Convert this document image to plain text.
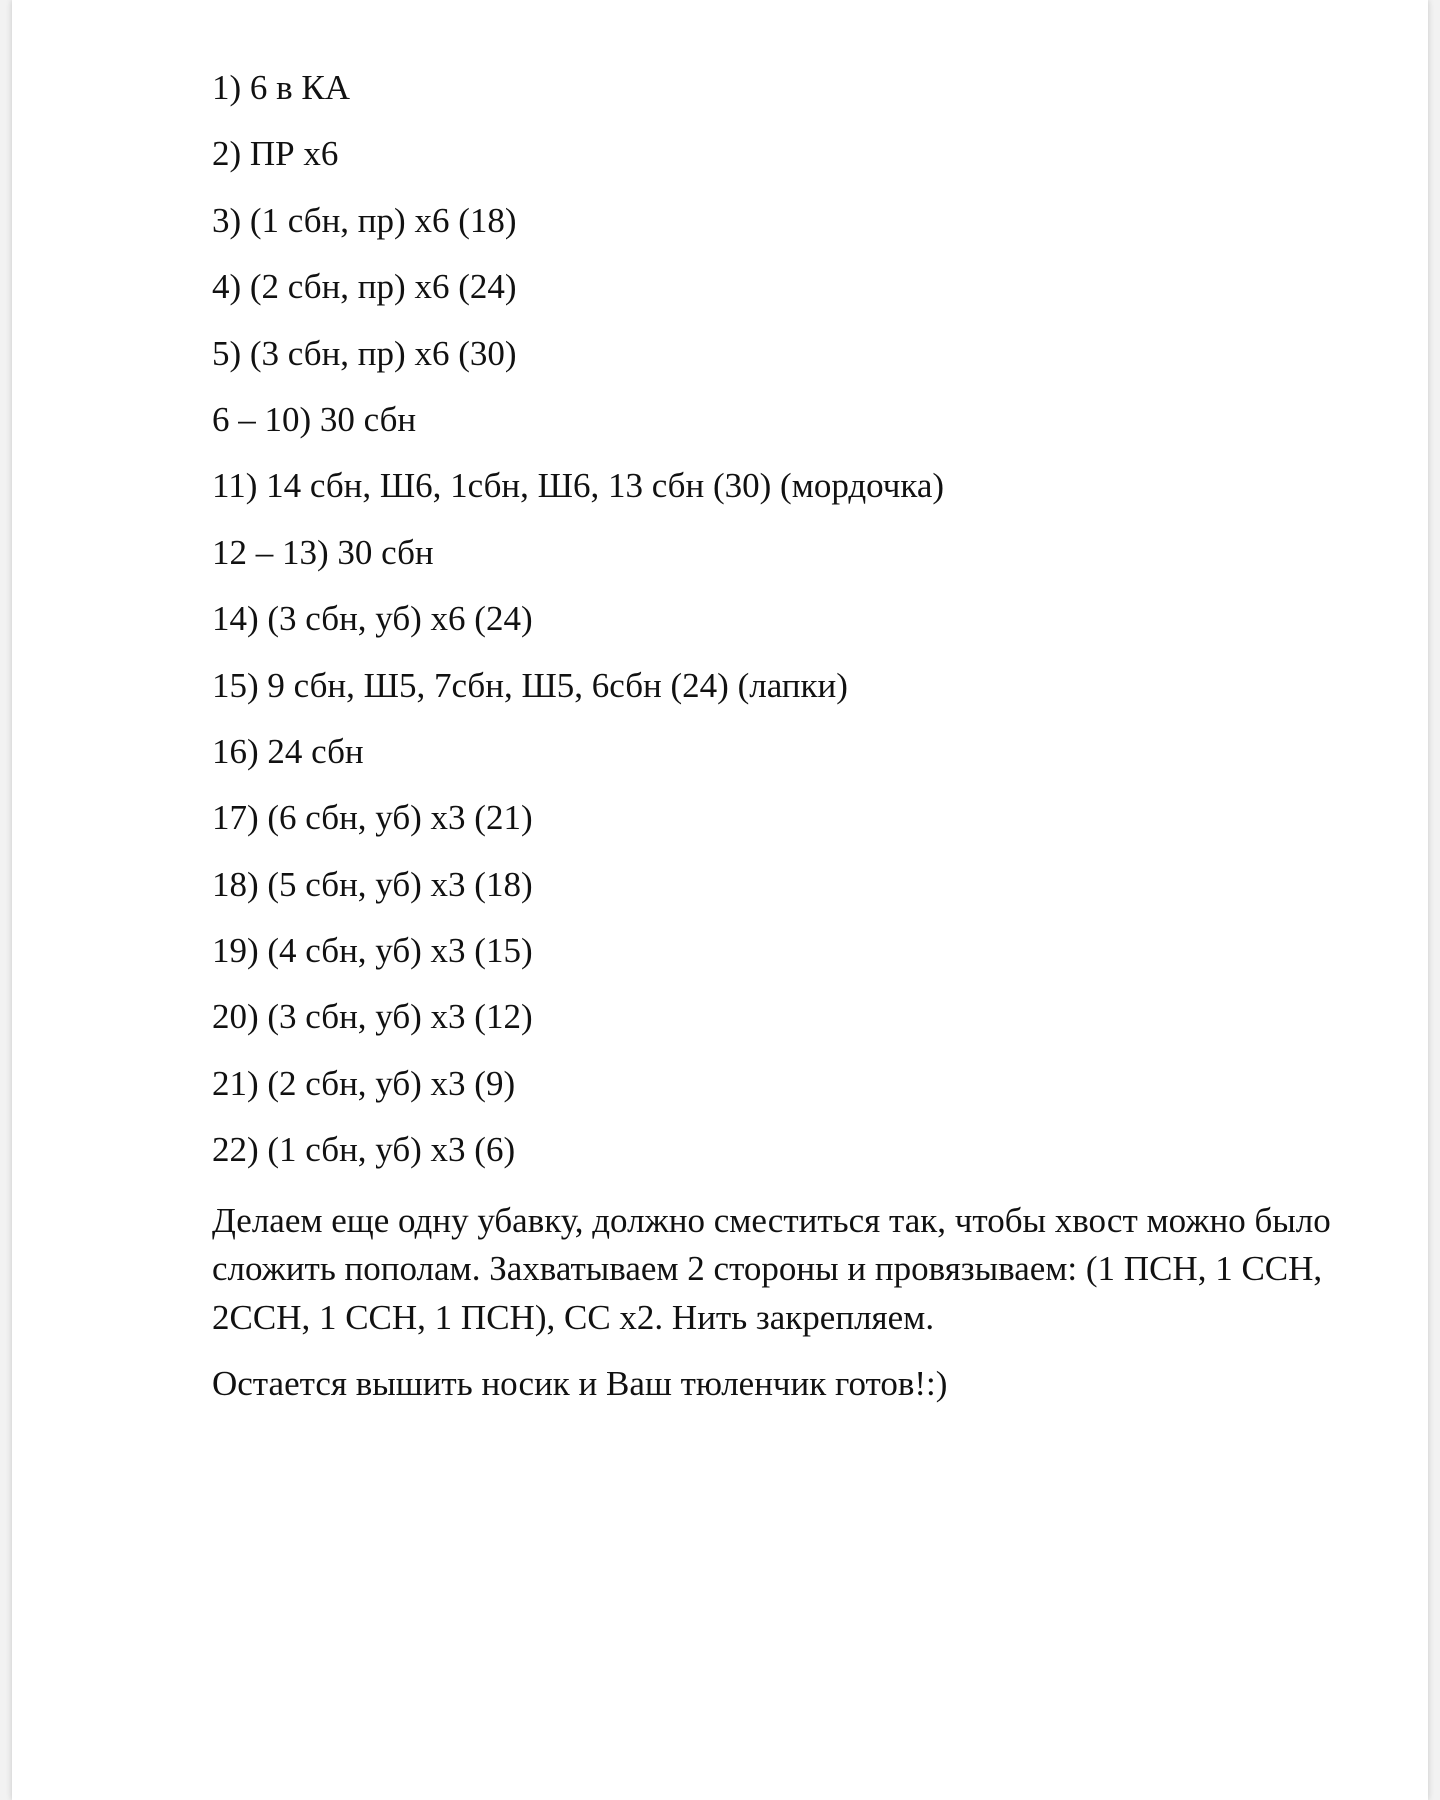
1) 6 в КА
2) ПР х6
3) (1 сбн, пр) х6 (18)
4) (2 сбн, пр) х6 (24)
5) (3 сбн, пр) х6 (30)
6 – 10) 30 сбн
11) 14 сбн, Ш6, 1сбн, Ш6, 13 сбн (30) (мордочка)
12 – 13) 30 сбн
14) (3 сбн, уб) х6 (24)
15) 9 сбн, Ш5, 7сбн, Ш5, 6сбн (24) (лапки)
16) 24 сбн
17) (6 сбн, уб) х3 (21)
18) (5 сбн, уб) х3 (18)
19) (4 сбн, уб) х3 (15)
20) (3 сбн, уб) х3 (12)
21) (2 сбн, уб) х3 (9)
22) (1 сбн, уб) х3 (6)

Делаем еще одну убавку, должно сместиться так, чтобы хвост можно было сложить пополам. Захватываем 2 стороны и провязываем: (1 ПСН, 1 ССН, 2ССН, 1 ССН, 1 ПСН), СС х2. Нить закрепляем.

Остается вышить носик и Ваш тюленчик готов!:)
